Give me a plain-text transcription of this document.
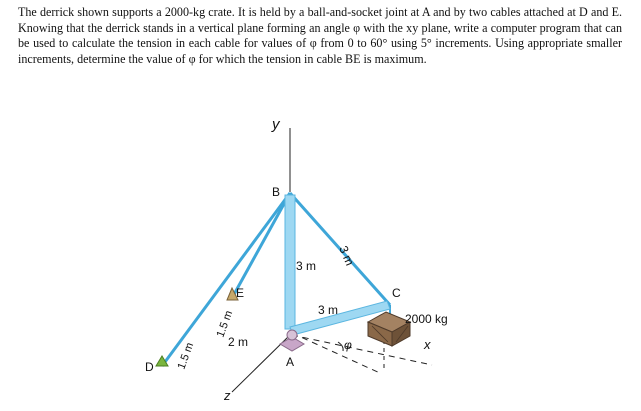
The derrick shown supports a 2000-kg crate. It is held by a ball-and-socket joint at A and by two cables attached at D and E. Knowing that the derrick stands in a vertical plane forming an angle φ with the xy plane, write a computer program that can be used to calculate the tension in each cable for values of φ from 0 to 60° using 5° increments. Using appropriate smaller increments, determine the value of φ for which the tension in cable BE is maximum.

y
B
3 m 3 m
3 m
C
2000 kg
x
φ
A
2 m
E
1.5 m
1.5 m
D
z
